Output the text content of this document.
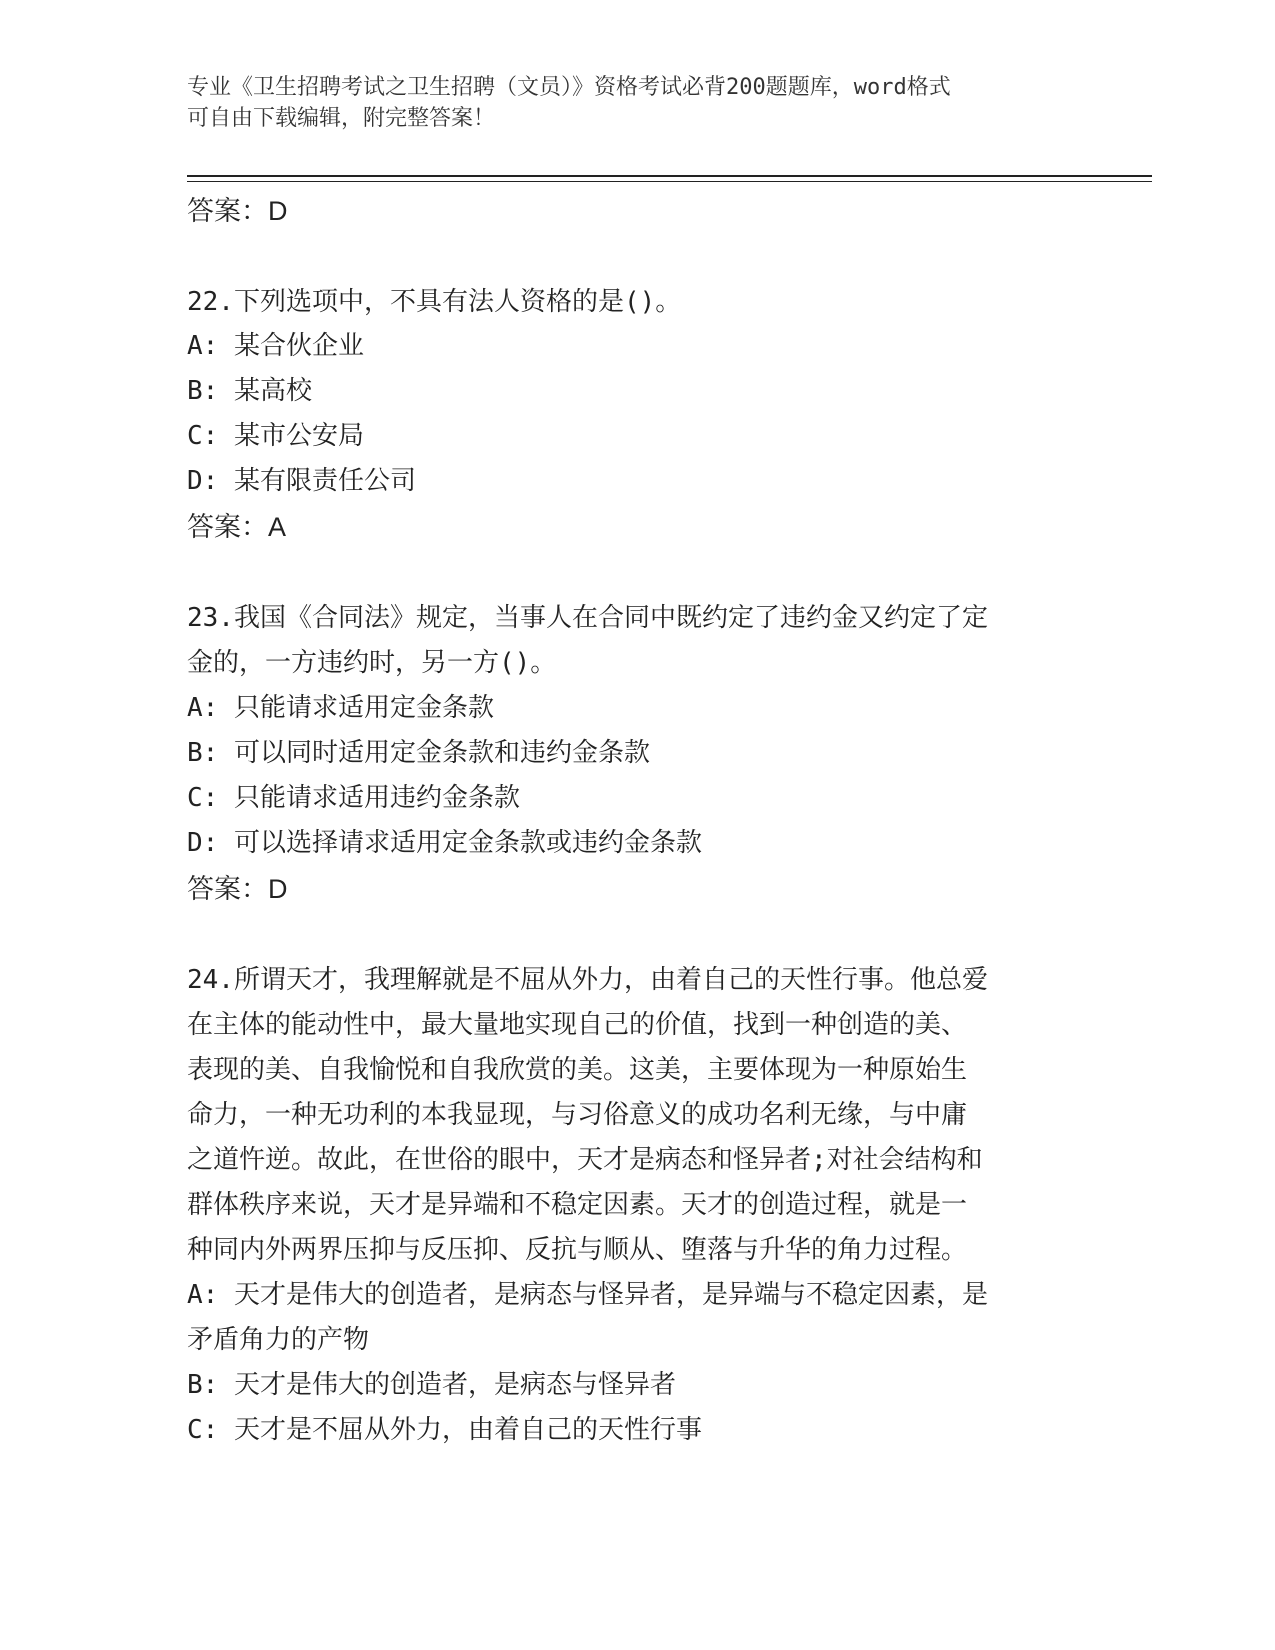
专业《卫生招聘考试之卫生招聘（文员）》资格考试必背200题题库，word格式
可自由下载编辑，附完整答案！
答案：D
22.下列选项中，不具有法人资格的是()。
A: 某合伙企业
B: 某高校
C: 某市公安局
D: 某有限责任公司
答案：A
23.我国《合同法》规定，当事人在合同中既约定了违约金又约定了定
金的，一方违约时，另一方()。
A: 只能请求适用定金条款
B: 可以同时适用定金条款和违约金条款
C: 只能请求适用违约金条款
D: 可以选择请求适用定金条款或违约金条款
答案：D
24.所谓天才，我理解就是不屈从外力，由着自己的天性行事。他总爱
在主体的能动性中，最大量地实现自己的价值，找到一种创造的美、
表现的美、自我愉悦和自我欣赏的美。这美，主要体现为一种原始生
命力，一种无功利的本我显现，与习俗意义的成功名利无缘，与中庸
之道忤逆。故此，在世俗的眼中，天才是病态和怪异者;对社会结构和
群体秩序来说，天才是异端和不稳定因素。天才的创造过程，就是一
种同内外两界压抑与反压抑、反抗与顺从、堕落与升华的角力过程。
A: 天才是伟大的创造者，是病态与怪异者，是异端与不稳定因素，是
矛盾角力的产物
B: 天才是伟大的创造者，是病态与怪异者
C: 天才是不屈从外力，由着自己的天性行事
